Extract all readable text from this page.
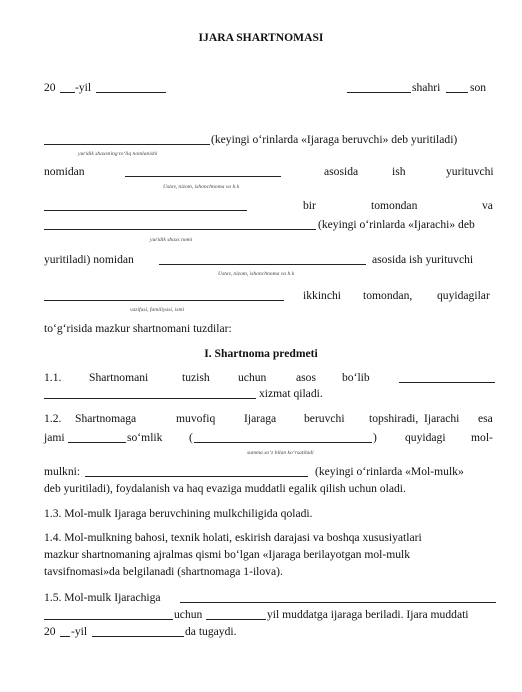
IJARA SHARTNOMASI
20 -yil	shahri	son
(keyingi o‘rinlarda «Ijaraga beruvchi» deb yuritiladi)
yuridik shaxsning to‘liq nomlanishi
nomidan	asosida	ish	yurituvchi
Ustav, nizom, ishonchnoma va h.k
bir	tomondan	va
(keyingi o‘rinlarda «Ijarachi» deb
yuridik shaxs nomi
yuritiladi) nomidan	asosida ish yurituvchi
Ustav, nizom, ishonchnoma va h.k
ikkinchi tomondan, quyidagilar
vazifasi, familiyasi, ismi
to‘g‘risida mazkur shartnomani tuzdilar:
I. Shartnoma predmeti
1.1. Shartnomani	tuzish uchun	asos bo‘lib
xizmat qiladi.
1.2. Shartnomaga	muvofiq Ijaraga beruvchi topshiradi, Ijarachi esa
jami	so‘mlik (	) quyidagi mol-
summa so‘z bilan ko‘rsatiladi
mulkni:	(keyingi o‘rinlarda «Mol-mulk»
deb yuritiladi), foydalanish va haq evaziga muddatli egalik qilish uchun oladi.
1.3. Mol-mulk Ijaraga beruvchining mulkchiligida qoladi.
1.4. Mol-mulkning bahosi, texnik holati, eskirish darajasi va boshqa xususiyatlari
mazkur shartnomaning ajralmas qismi bo‘lgan «Ijaraga berilayotgan mol-mulk
tavsifnomasi»da belgilanadi (shartnomaga 1-ilova).
1.5. Mol-mulk Ijarachiga
uchun	yil muddatga ijaraga beriladi. Ijara muddati
20 -yil	da tugaydi.
